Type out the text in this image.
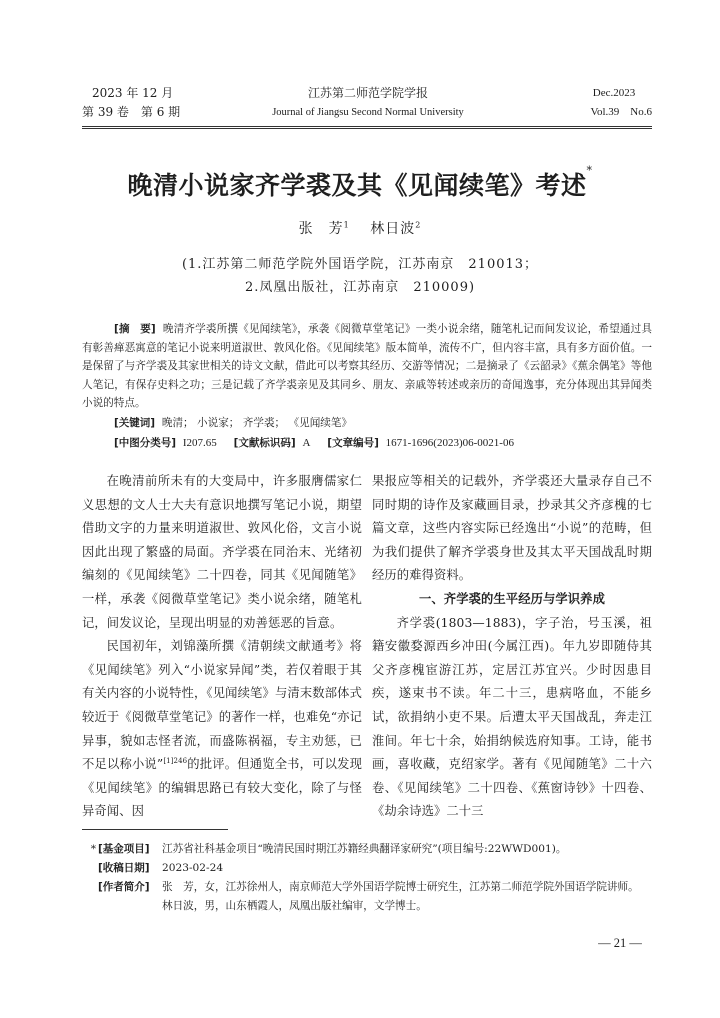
2023 年 12 月
第 39 卷　第 6 期
江苏第二师范学院学报
Journal of Jiangsu Second Normal University
Dec.2023
Vol.39　No.6
晚清小说家齐学裘及其《见闻续笔》考述*
张　芳$^1$ 　 林日波$^2$
(1.江苏第二师范学院外国语学院，江苏南京　210013；
2.凤凰出版社，江苏南京　210009)
[摘　要] 晚清齐学裘所撰《见闻续笔》，承袭《阅微草堂笔记》一类小说余绪，随笔札记而间发议论，希望通过具有彰善瘅恶寓意的笔记小说来明道淑世、敦风化俗。《见闻续笔》版本简单，流传不广，但内容丰富，具有多方面价值。一是保留了与齐学裘及其家世相关的诗文文献，借此可以考察其经历、交游等情况；二是摘录了《云韶录》《蕉余偶笔》等他人笔记，有保存史料之功；三是记载了齐学裘亲见及其同乡、朋友、亲戚等转述或亲历的奇闻逸事，充分体现出其异闻类小说的特点。
[关键词] 晚清； 小说家； 齐学裘； 《见闻续笔》
[中图分类号] I207.65 [文献标识码] A [文章编号] 1671-1696(2023)06-0021-06

在晚清前所未有的大变局中，许多服膺儒家仁义思想的文人士大夫有意识地撰写笔记小说，期望借助文字的力量来明道淑世、敦风化俗，文言小说因此出现了繁盛的局面。齐学裘在同治末、光绪初编刻的《见闻续笔》二十四卷，同其《见闻随笔》一样，承袭《阅微草堂笔记》类小说余绪，随笔札记，间发议论，呈现出明显的劝善惩恶的旨意。

民国初年，刘锦藻所撰《清朝续文献通考》将《见闻续笔》列入“小说家异闻”类，若仅着眼于其有关内容的小说特性，《见闻续笔》与清末数部体式较近于《阅微草堂笔记》的著作一样，也难免“亦记异事，貌如志怪者流，而盛陈祸福，专主劝惩，已不足以称小说”$^{[1]246}$的批评。但通览全书，可以发现《见闻续笔》的编辑思路已有较大变化，除了与怪异奇闻、因

果报应等相关的记载外，齐学裘还大量录存自己不同时期的诗作及家藏画目录，抄录其父齐彦槐的七篇文章，这些内容实际已经逸出“小说”的范畴，但为我们提供了解齐学裘身世及其太平天国战乱时期经历的难得资料。

一、齐学裘的生平经历与学识养成

齐学裘(1803—1883)，字子治，号玉溪，祖籍安徽婺源西乡冲田(今属江西)。年九岁即随侍其父齐彦槐宦游江苏，定居江苏宜兴。少时因患目疾，遂束书不读。年二十三，患病咯血，不能乡试，欲捐纳小吏不果。后遭太平天国战乱，奔走江淮间。年七十余，始捐纳候选府知事。工诗，能书画，喜收藏，克绍家学。著有《见闻随笔》二十六卷、《见闻续笔》二十四卷、《蕉窗诗钞》十四卷、《劫余诗选》二十三

* [基金项目]	江苏省社科基金项目“晚清民国时期江苏籍经典翻译家研究”(项目编号:22WWD001)。
[收稿日期]	2023-02-24
[作者简介]	张　芳，女，江苏徐州人，南京师范大学外国语学院博士研究生，江苏第二师范学院外国语学院讲师。
林日波，男，山东栖霞人，凤凰出版社编审，文学博士。
— 21 —
